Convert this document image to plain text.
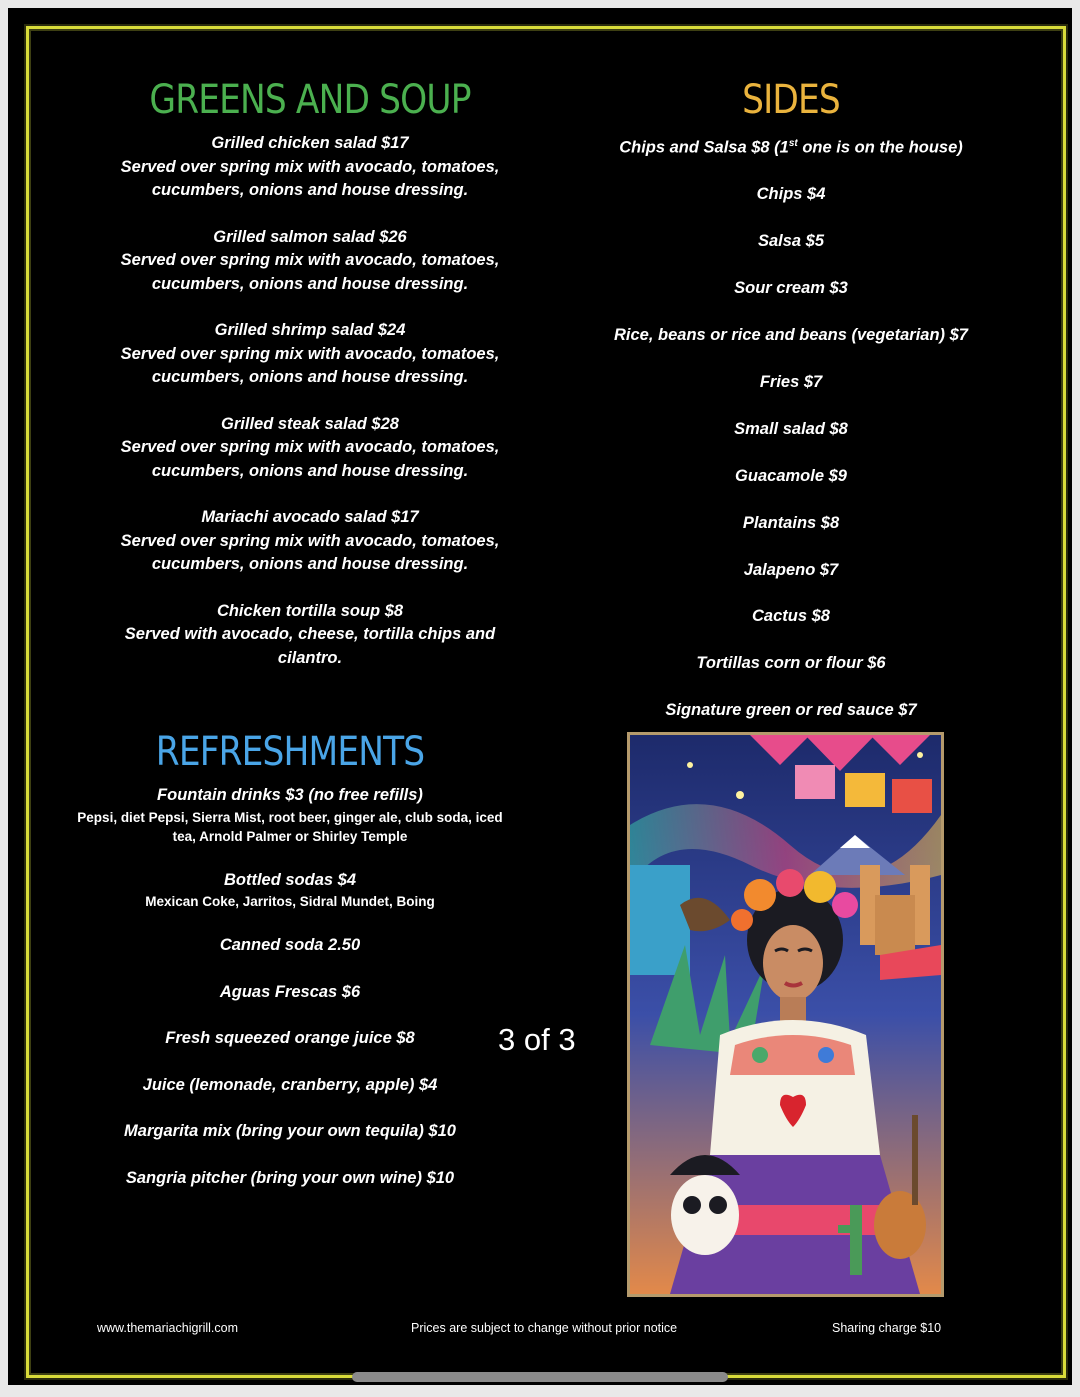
GREENS AND SOUP
Grilled chicken salad $17
Served over spring mix with avocado, tomatoes,
cucumbers, onions and house dressing.
Grilled salmon salad $26
Served over spring mix with avocado, tomatoes,
cucumbers, onions and house dressing.
Grilled shrimp salad $24
Served over spring mix with avocado, tomatoes,
cucumbers, onions and house dressing.
Grilled steak salad $28
Served over spring mix with avocado, tomatoes,
cucumbers, onions and house dressing.
Mariachi avocado salad $17
Served over spring mix with avocado, tomatoes,
cucumbers, onions and house dressing.
Chicken tortilla soup $8
Served with avocado, cheese, tortilla chips and
cilantro.
SIDES
Chips and Salsa $8 (1st one is on the house)
Chips $4
Salsa $5
Sour cream $3
Rice, beans or rice and beans (vegetarian) $7
Fries $7
Small salad $8
Guacamole $9
Plantains $8
Jalapeno $7
Cactus $8
Tortillas corn or flour $6
Signature green or red sauce $7
REFRESHMENTS
Fountain drinks $3 (no free refills)
Pepsi, diet Pepsi, Sierra Mist, root beer, ginger ale, club soda, iced
tea, Arnold Palmer or Shirley Temple
Bottled sodas $4
Mexican Coke, Jarritos, Sidral Mundet, Boing
Canned soda 2.50
Aguas Frescas $6
Fresh squeezed orange juice $8
Juice (lemonade, cranberry, apple) $4
Margarita mix (bring your own tequila) $10
Sangria pitcher (bring your own wine) $10
3 of 3
www.themariachigrill.com	Prices are subject to change without prior notice	Sharing charge $10
